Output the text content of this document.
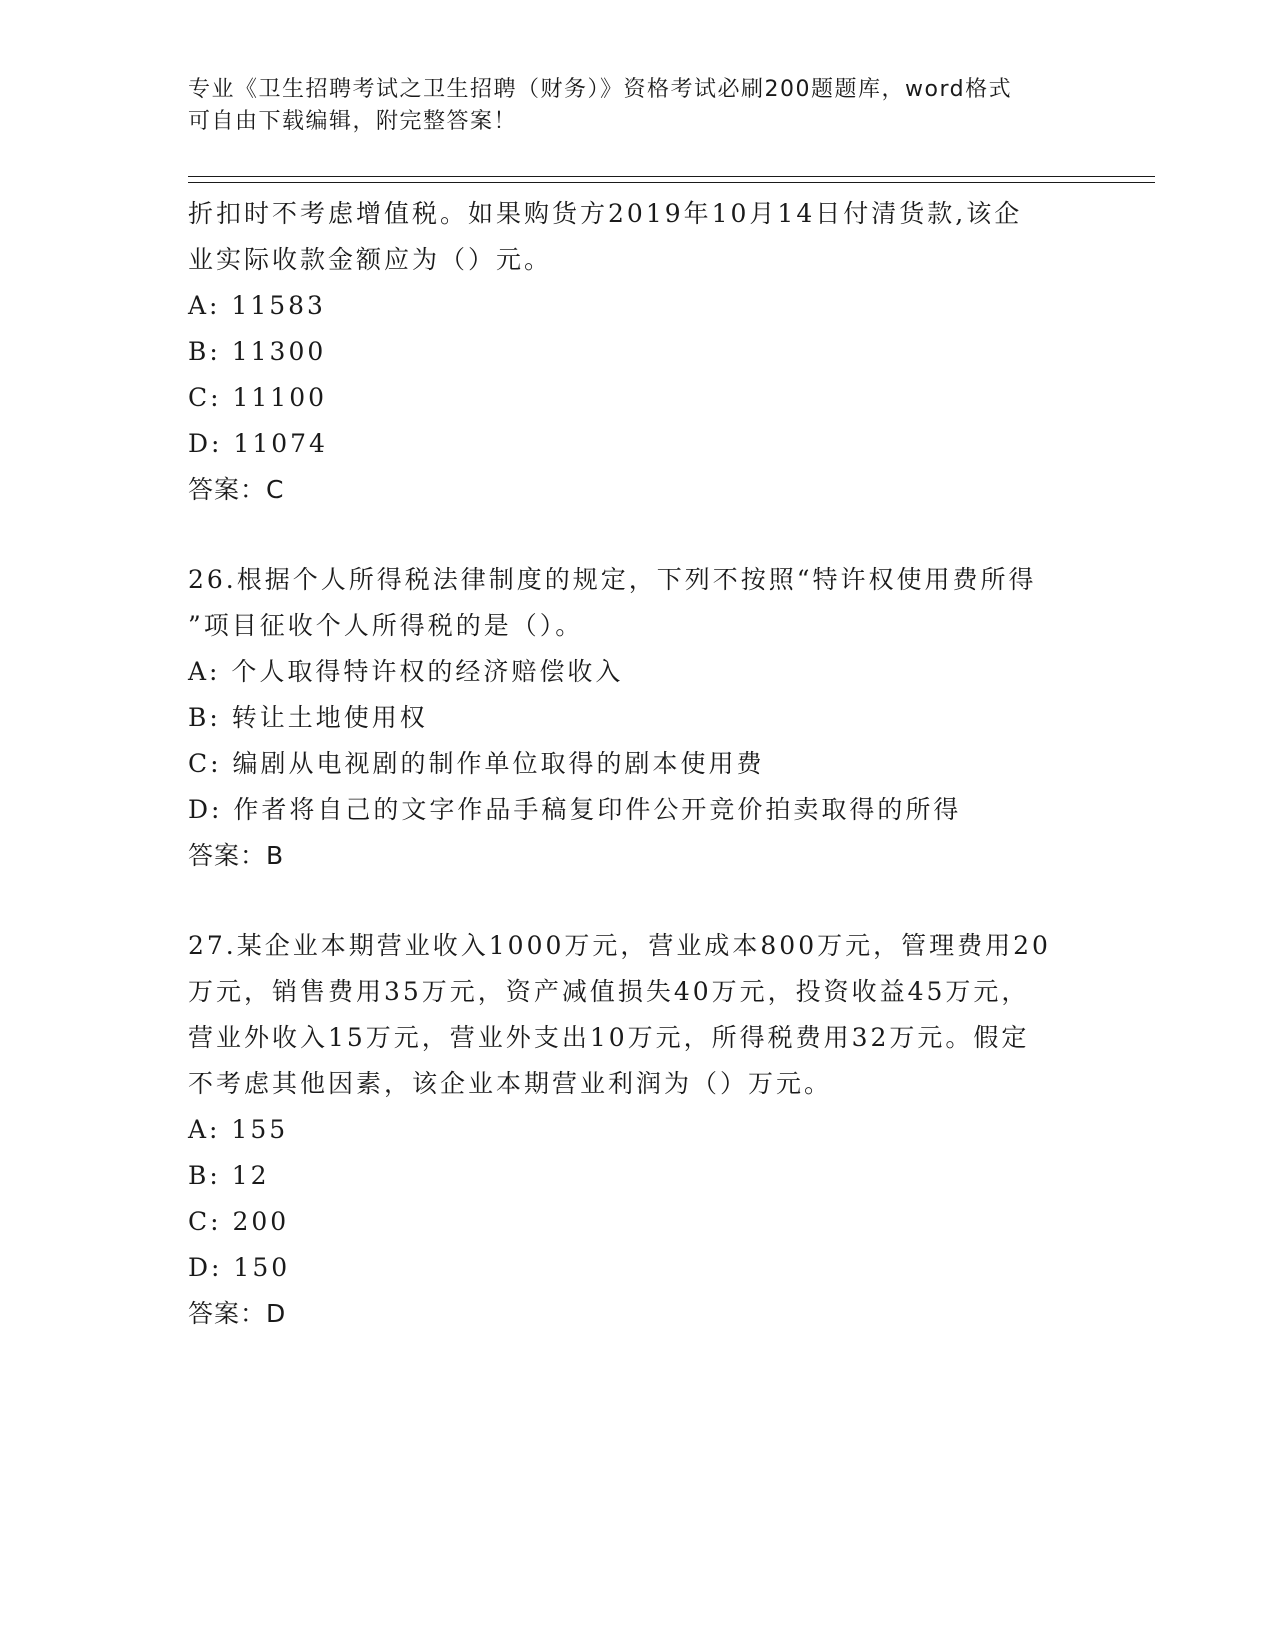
专业《卫生招聘考试之卫生招聘（财务）》资格考试必刷200题题库，word格式
可自由下载编辑，附完整答案！
折扣时不考虑增值税。如果购货方2019年10月14日付清货款,该企
业实际收款金额应为（）元。
A: 11583
B: 11300
C: 11100
D: 11074
答案：C
26.根据个人所得税法律制度的规定，下列不按照“特许权使用费所得
”项目征收个人所得税的是（）。
A: 个人取得特许权的经济赔偿收入
B: 转让土地使用权
C: 编剧从电视剧的制作单位取得的剧本使用费
D: 作者将自己的文字作品手稿复印件公开竞价拍卖取得的所得
答案：B
27.某企业本期营业收入1000万元，营业成本800万元，管理费用20
万元，销售费用35万元，资产减值损失40万元，投资收益45万元，
营业外收入15万元，营业外支出10万元，所得税费用32万元。假定
不考虑其他因素，该企业本期营业利润为（）万元。
A: 155
B: 12
C: 200
D: 150
答案：D
